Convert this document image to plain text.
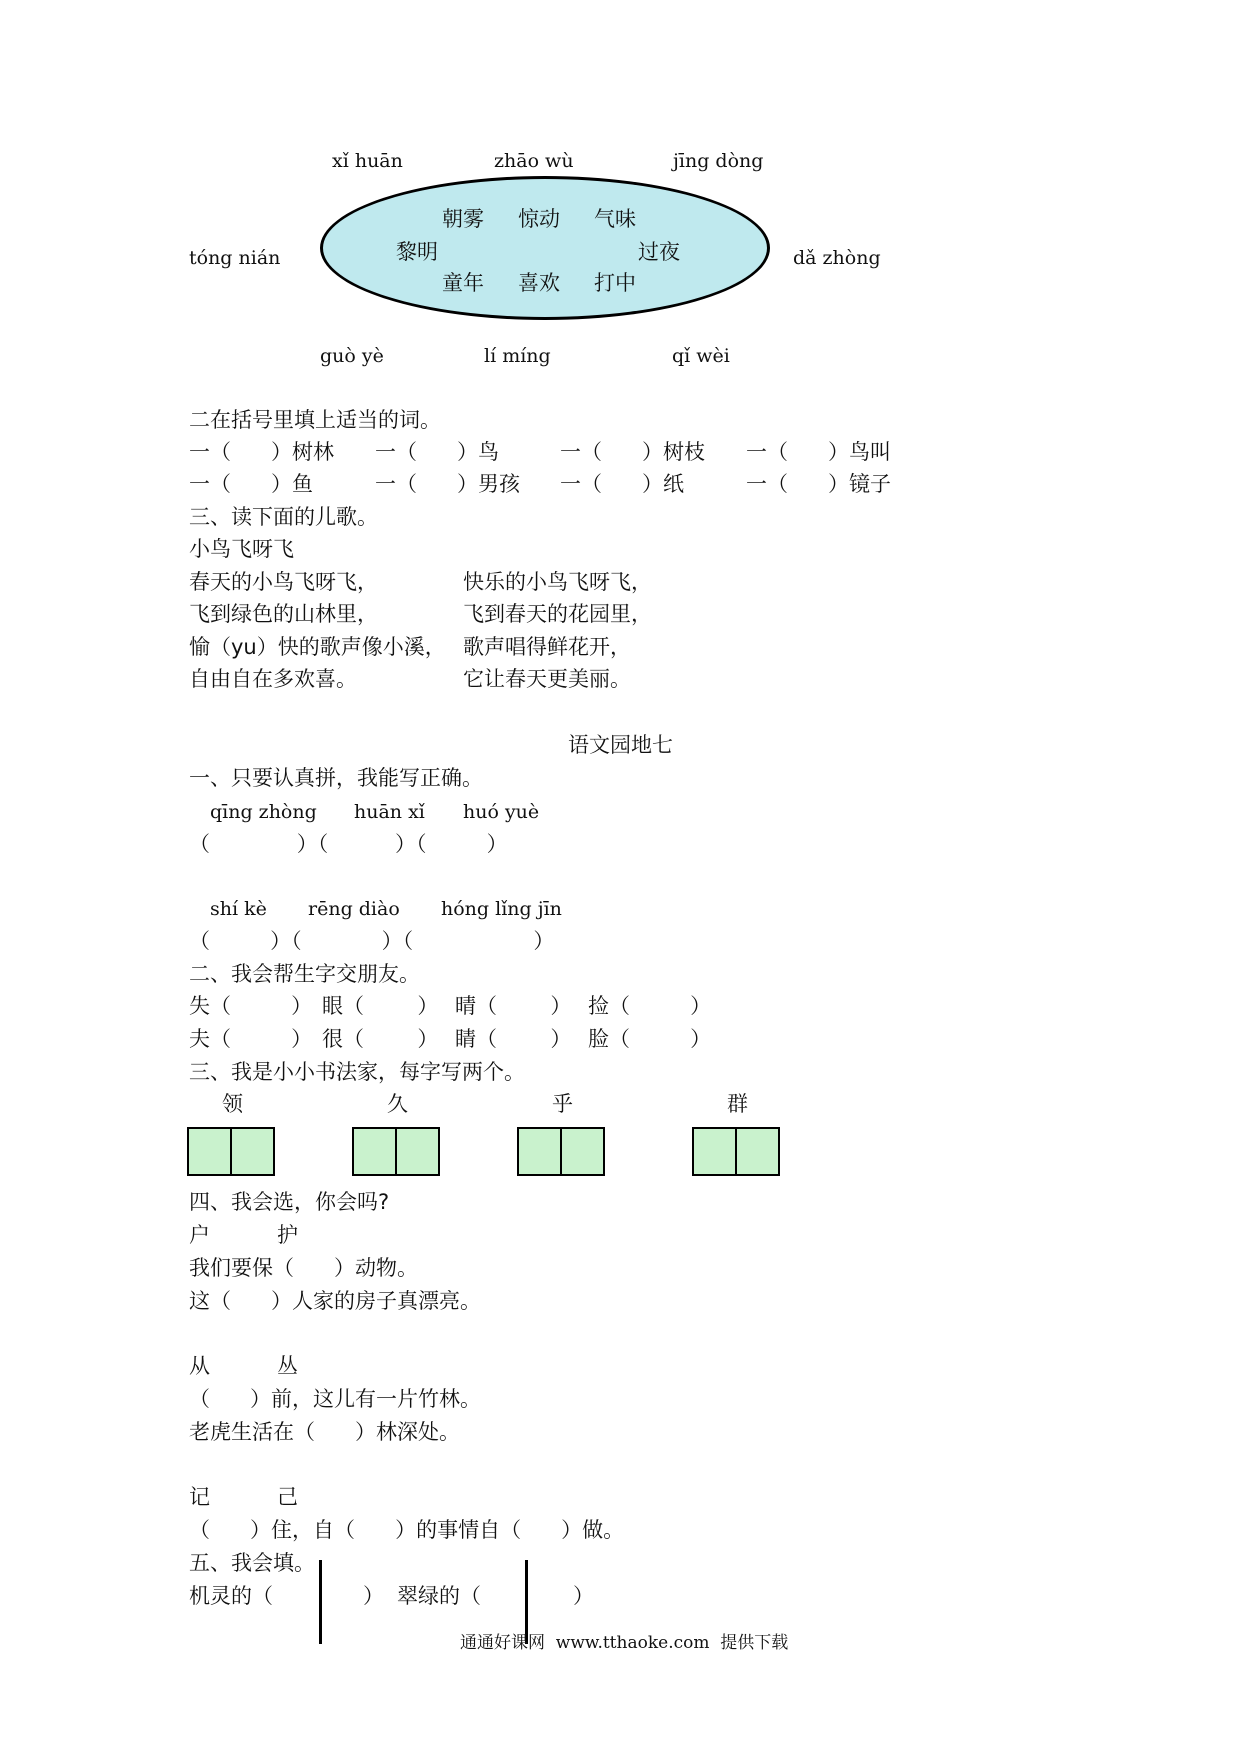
xǐ huān	zhāo wù	jīng dòng
tóng nián	dǎ zhòng
guò yè	lí míng	qǐ wèi
朝雾 惊动 气味
黎明	过夜
童年 喜欢 打中
二在括号里填上适当的词。
一（      ）树林 一（      ）鸟	一（      ）树枝 一（      ）鸟叫
一（      ）鱼	一（      ）男孩 一（      ）纸	一（      ）镜子
三、读下面的儿歌。
小鸟飞呀飞
春天的小鸟飞呀飞，
飞到绿色的山林里，
愉（yu）快的歌声像小溪，
自由自在多欢喜。
快乐的小鸟飞呀飞，
飞到春天的花园里，
歌声唱得鲜花开，
它让春天更美丽。
语文园地七
一、只要认真拼，我能写正确。
qīng zhòng huān xǐ huó yuè
（             ）（          ）（         ）
shí kè rēng diào hóng lǐng jīn
（         ）（            ）（                  ）
二、我会帮生字交朋友。
失（         ） 眼（        ） 晴（        ） 捡（         ）
夫（         ） 很（        ） 睛（        ） 脸（         ）
三、我是小小书法家，每字写两个。
领	久	乎	群
四、我会选，你会吗?
户	护
我们要保（      ）动物。
这（      ）人家的房子真漂亮。
从	丛
（      ）前，这儿有一片竹林。
老虎生活在（      ）林深处。
记	己
（      ）住，自（      ）的事情自（      ）做。
五、我会填。
机灵的（	） 翠绿的（	）
通通好课网  www.tthaoke.com  提供下载
